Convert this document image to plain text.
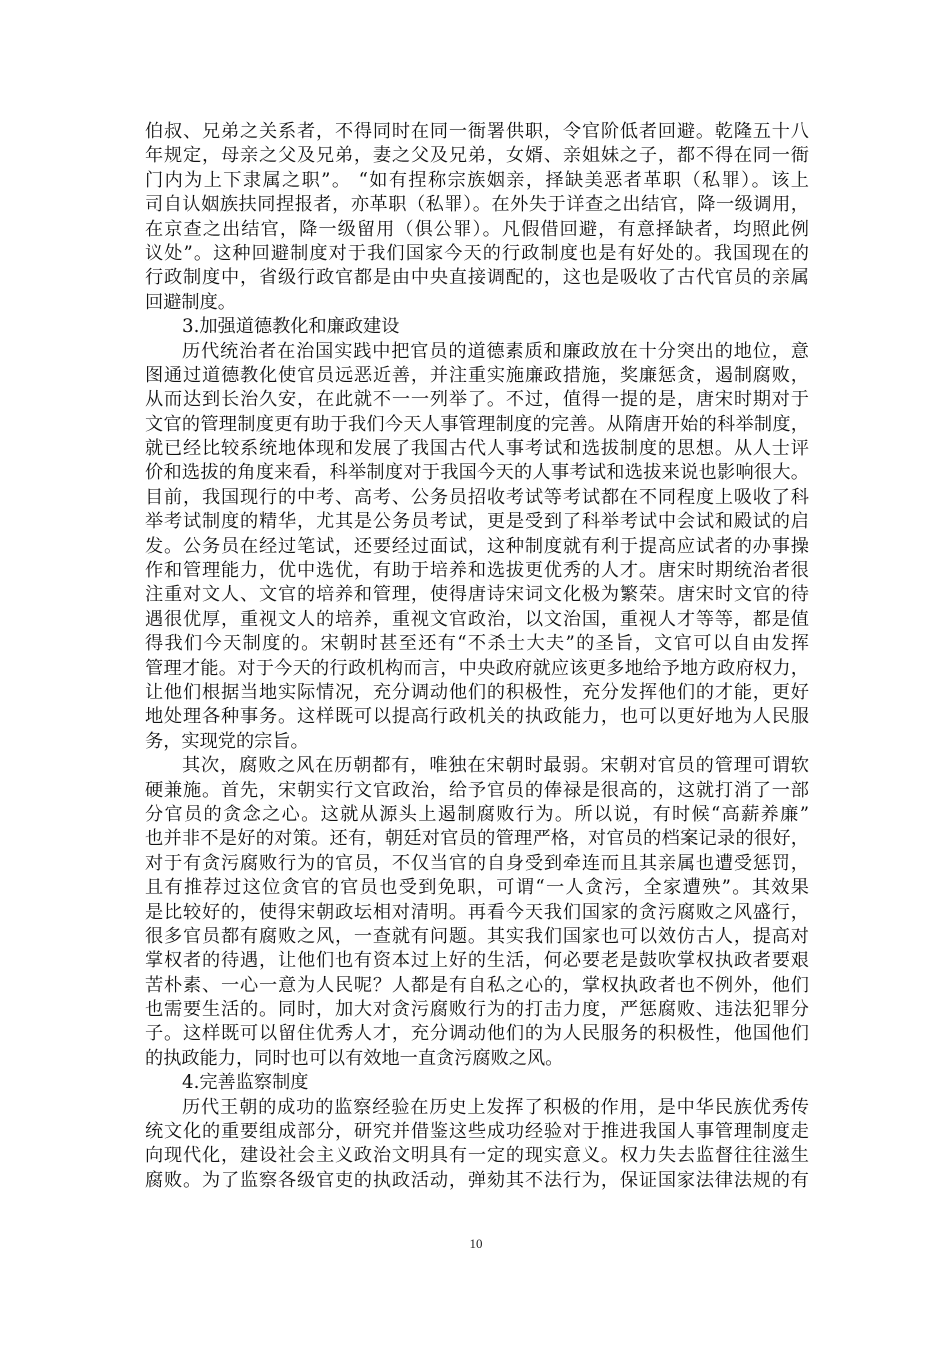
伯叔、兄弟之关系者，不得同时在同一衙署供职，令官阶低者回避。乾隆五十八
年规定，母亲之父及兄弟，妻之父及兄弟，女婿、亲姐妹之子，都不得在同一衙
门内为上下隶属之职”。 “如有捏称宗族姻亲，择缺美恶者革职（私罪）。该上
司自认姻族扶同捏报者，亦革职（私罪）。在外失于详查之出结官，降一级调用，
在京查之出结官，降一级留用（俱公罪）。凡假借回避，有意择缺者，均照此例
议处”。这种回避制度对于我们国家今天的行政制度也是有好处的。我国现在的
行政制度中，省级行政官都是由中央直接调配的，这也是吸收了古代官员的亲属
回避制度。
3.加强道德教化和廉政建设
历代统治者在治国实践中把官员的道德素质和廉政放在十分突出的地位，意
图通过道德教化使官员远恶近善，并注重实施廉政措施，奖廉惩贪，遏制腐败，
从而达到长治久安，在此就不一一列举了。不过，值得一提的是，唐宋时期对于
文官的管理制度更有助于我们今天人事管理制度的完善。从隋唐开始的科举制度，
就已经比较系统地体现和发展了我国古代人事考试和选拔制度的思想。从人士评
价和选拔的角度来看，科举制度对于我国今天的人事考试和选拔来说也影响很大。
目前，我国现行的中考、高考、公务员招收考试等考试都在不同程度上吸收了科
举考试制度的精华，尤其是公务员考试，更是受到了科举考试中会试和殿试的启
发。公务员在经过笔试，还要经过面试，这种制度就有利于提高应试者的办事操
作和管理能力，优中选优，有助于培养和选拔更优秀的人才。唐宋时期统治者很
注重对文人、文官的培养和管理，使得唐诗宋词文化极为繁荣。唐宋时文官的待
遇很优厚，重视文人的培养，重视文官政治，以文治国，重视人才等等，都是值
得我们今天制度的。宋朝时甚至还有“不杀士大夫”的圣旨，文官可以自由发挥
管理才能。对于今天的行政机构而言，中央政府就应该更多地给予地方政府权力，
让他们根据当地实际情况，充分调动他们的积极性，充分发挥他们的才能，更好
地处理各种事务。这样既可以提高行政机关的执政能力，也可以更好地为人民服
务，实现党的宗旨。
其次，腐败之风在历朝都有，唯独在宋朝时最弱。宋朝对官员的管理可谓软
硬兼施。首先，宋朝实行文官政治，给予官员的俸禄是很高的，这就打消了一部
分官员的贪念之心。这就从源头上遏制腐败行为。所以说，有时候“高薪养廉”
也并非不是好的对策。还有，朝廷对官员的管理严格，对官员的档案记录的很好，
对于有贪污腐败行为的官员，不仅当官的自身受到牵连而且其亲属也遭受惩罚，
且有推荐过这位贪官的官员也受到免职，可谓“一人贪污，全家遭殃”。其效果
是比较好的，使得宋朝政坛相对清明。再看今天我们国家的贪污腐败之风盛行，
很多官员都有腐败之风，一查就有问题。其实我们国家也可以效仿古人，提高对
掌权者的待遇，让他们也有资本过上好的生活，何必要老是鼓吹掌权执政者要艰
苦朴素、一心一意为人民呢？人都是有自私之心的，掌权执政者也不例外，他们
也需要生活的。同时，加大对贪污腐败行为的打击力度，严惩腐败、违法犯罪分
子。这样既可以留住优秀人才，充分调动他们的为人民服务的积极性，他国他们
的执政能力，同时也可以有效地一直贪污腐败之风。
4.完善监察制度
历代王朝的成功的监察经验在历史上发挥了积极的作用，是中华民族优秀传
统文化的重要组成部分，研究并借鉴这些成功经验对于推进我国人事管理制度走
向现代化，建设社会主义政治文明具有一定的现实意义。权力失去监督往往滋生
腐败。为了监察各级官吏的执政活动，弹劾其不法行为，保证国家法律法规的有
10
